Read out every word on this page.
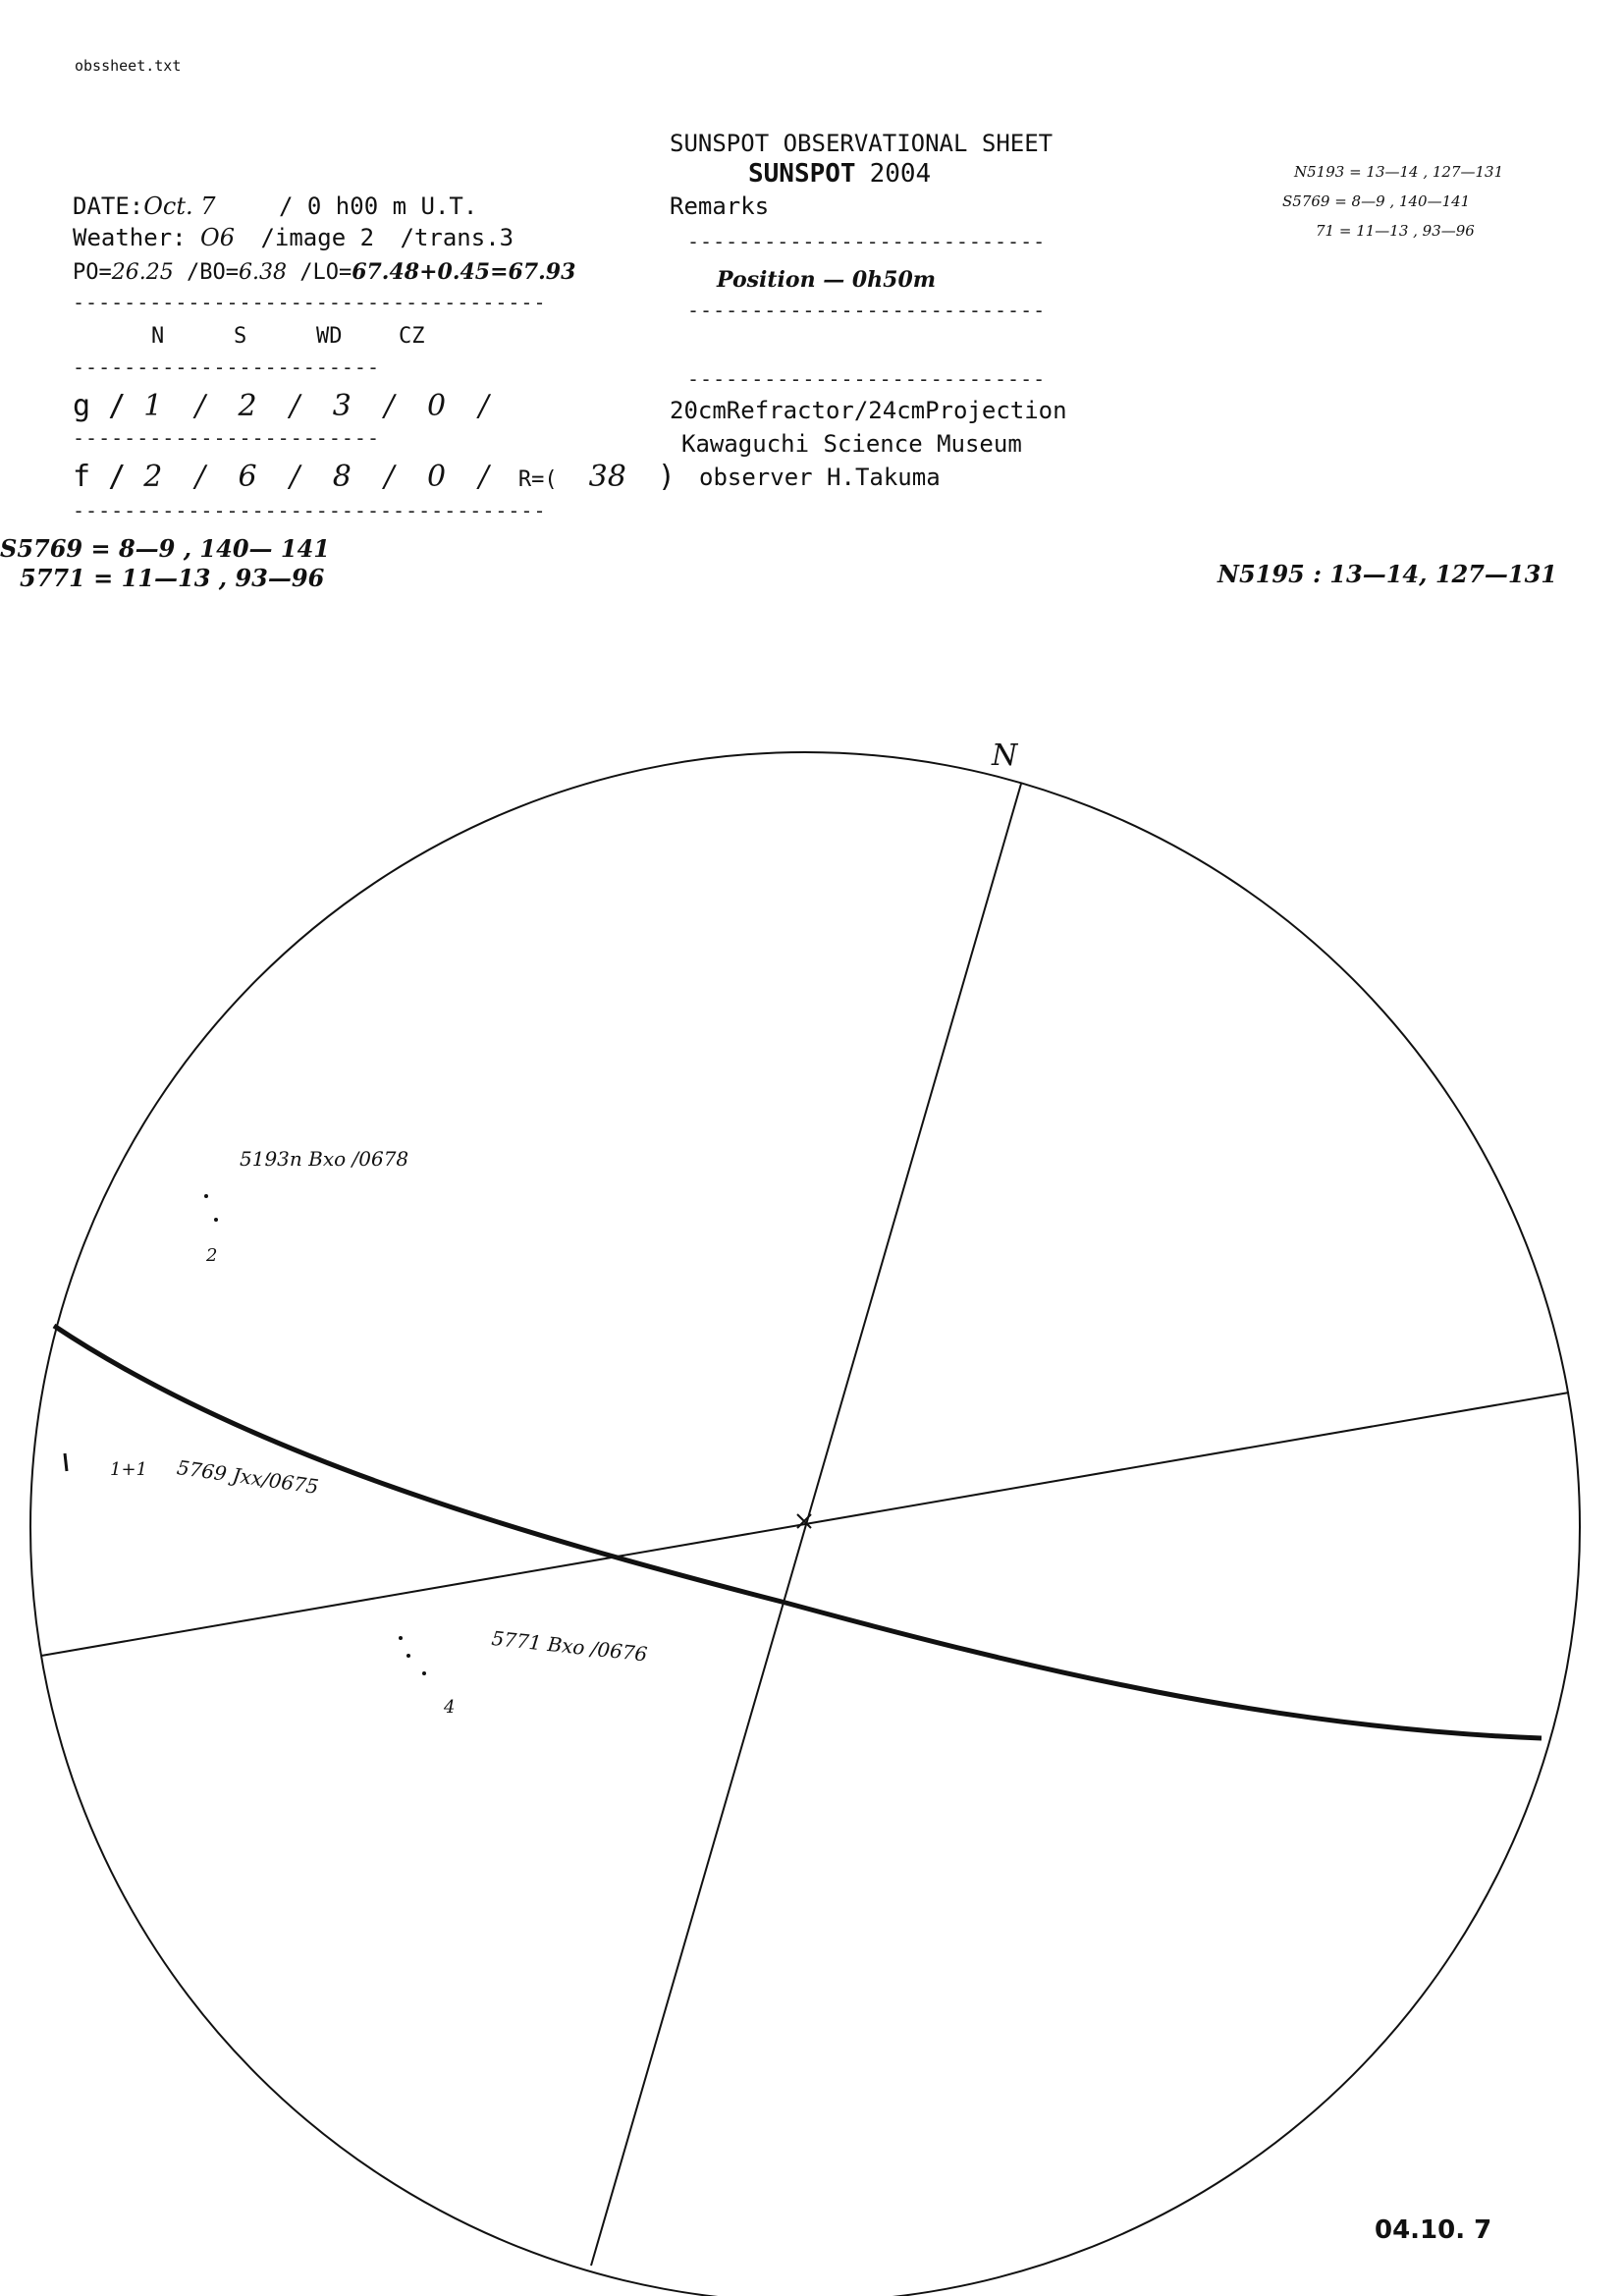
obssheet.txt
SUNSPOT OBSERVATIONAL SHEET
SUNSPOT 2004
DATE:Oct. 7	/ 0 h00 m U.T.
Weather: O6 /image 2 /trans.3
PO=26.25 /BO=6.38 /LO=67.48+0.45=67.93
-------------------------------------
N	S	WD	CZ
------------------------
g / 1 / 2 / 3 / 0 /
------------------------
f / 2 / 6 / 8 / 0 / R=( 38 )
-------------------------------------
Remarks
----------------------------
Position — 0h50m
----------------------------
----------------------------
20cmRefractor/24cmProjection
Kawaguchi Science Museum
observer H.Takuma
N5193 = 13—14 , 127—131
S5769 = 8—9 , 140—141
71 = 11—13 , 93—96
S5769 = 8—9 , 140— 141
5771 = 11—13 , 93—96	N5195 : 13—14, 127—131
N
5193n Bxo /0678
2
5769 Jxx/0675
1+1
5771 Bxo /0676
4
04.10. 7
